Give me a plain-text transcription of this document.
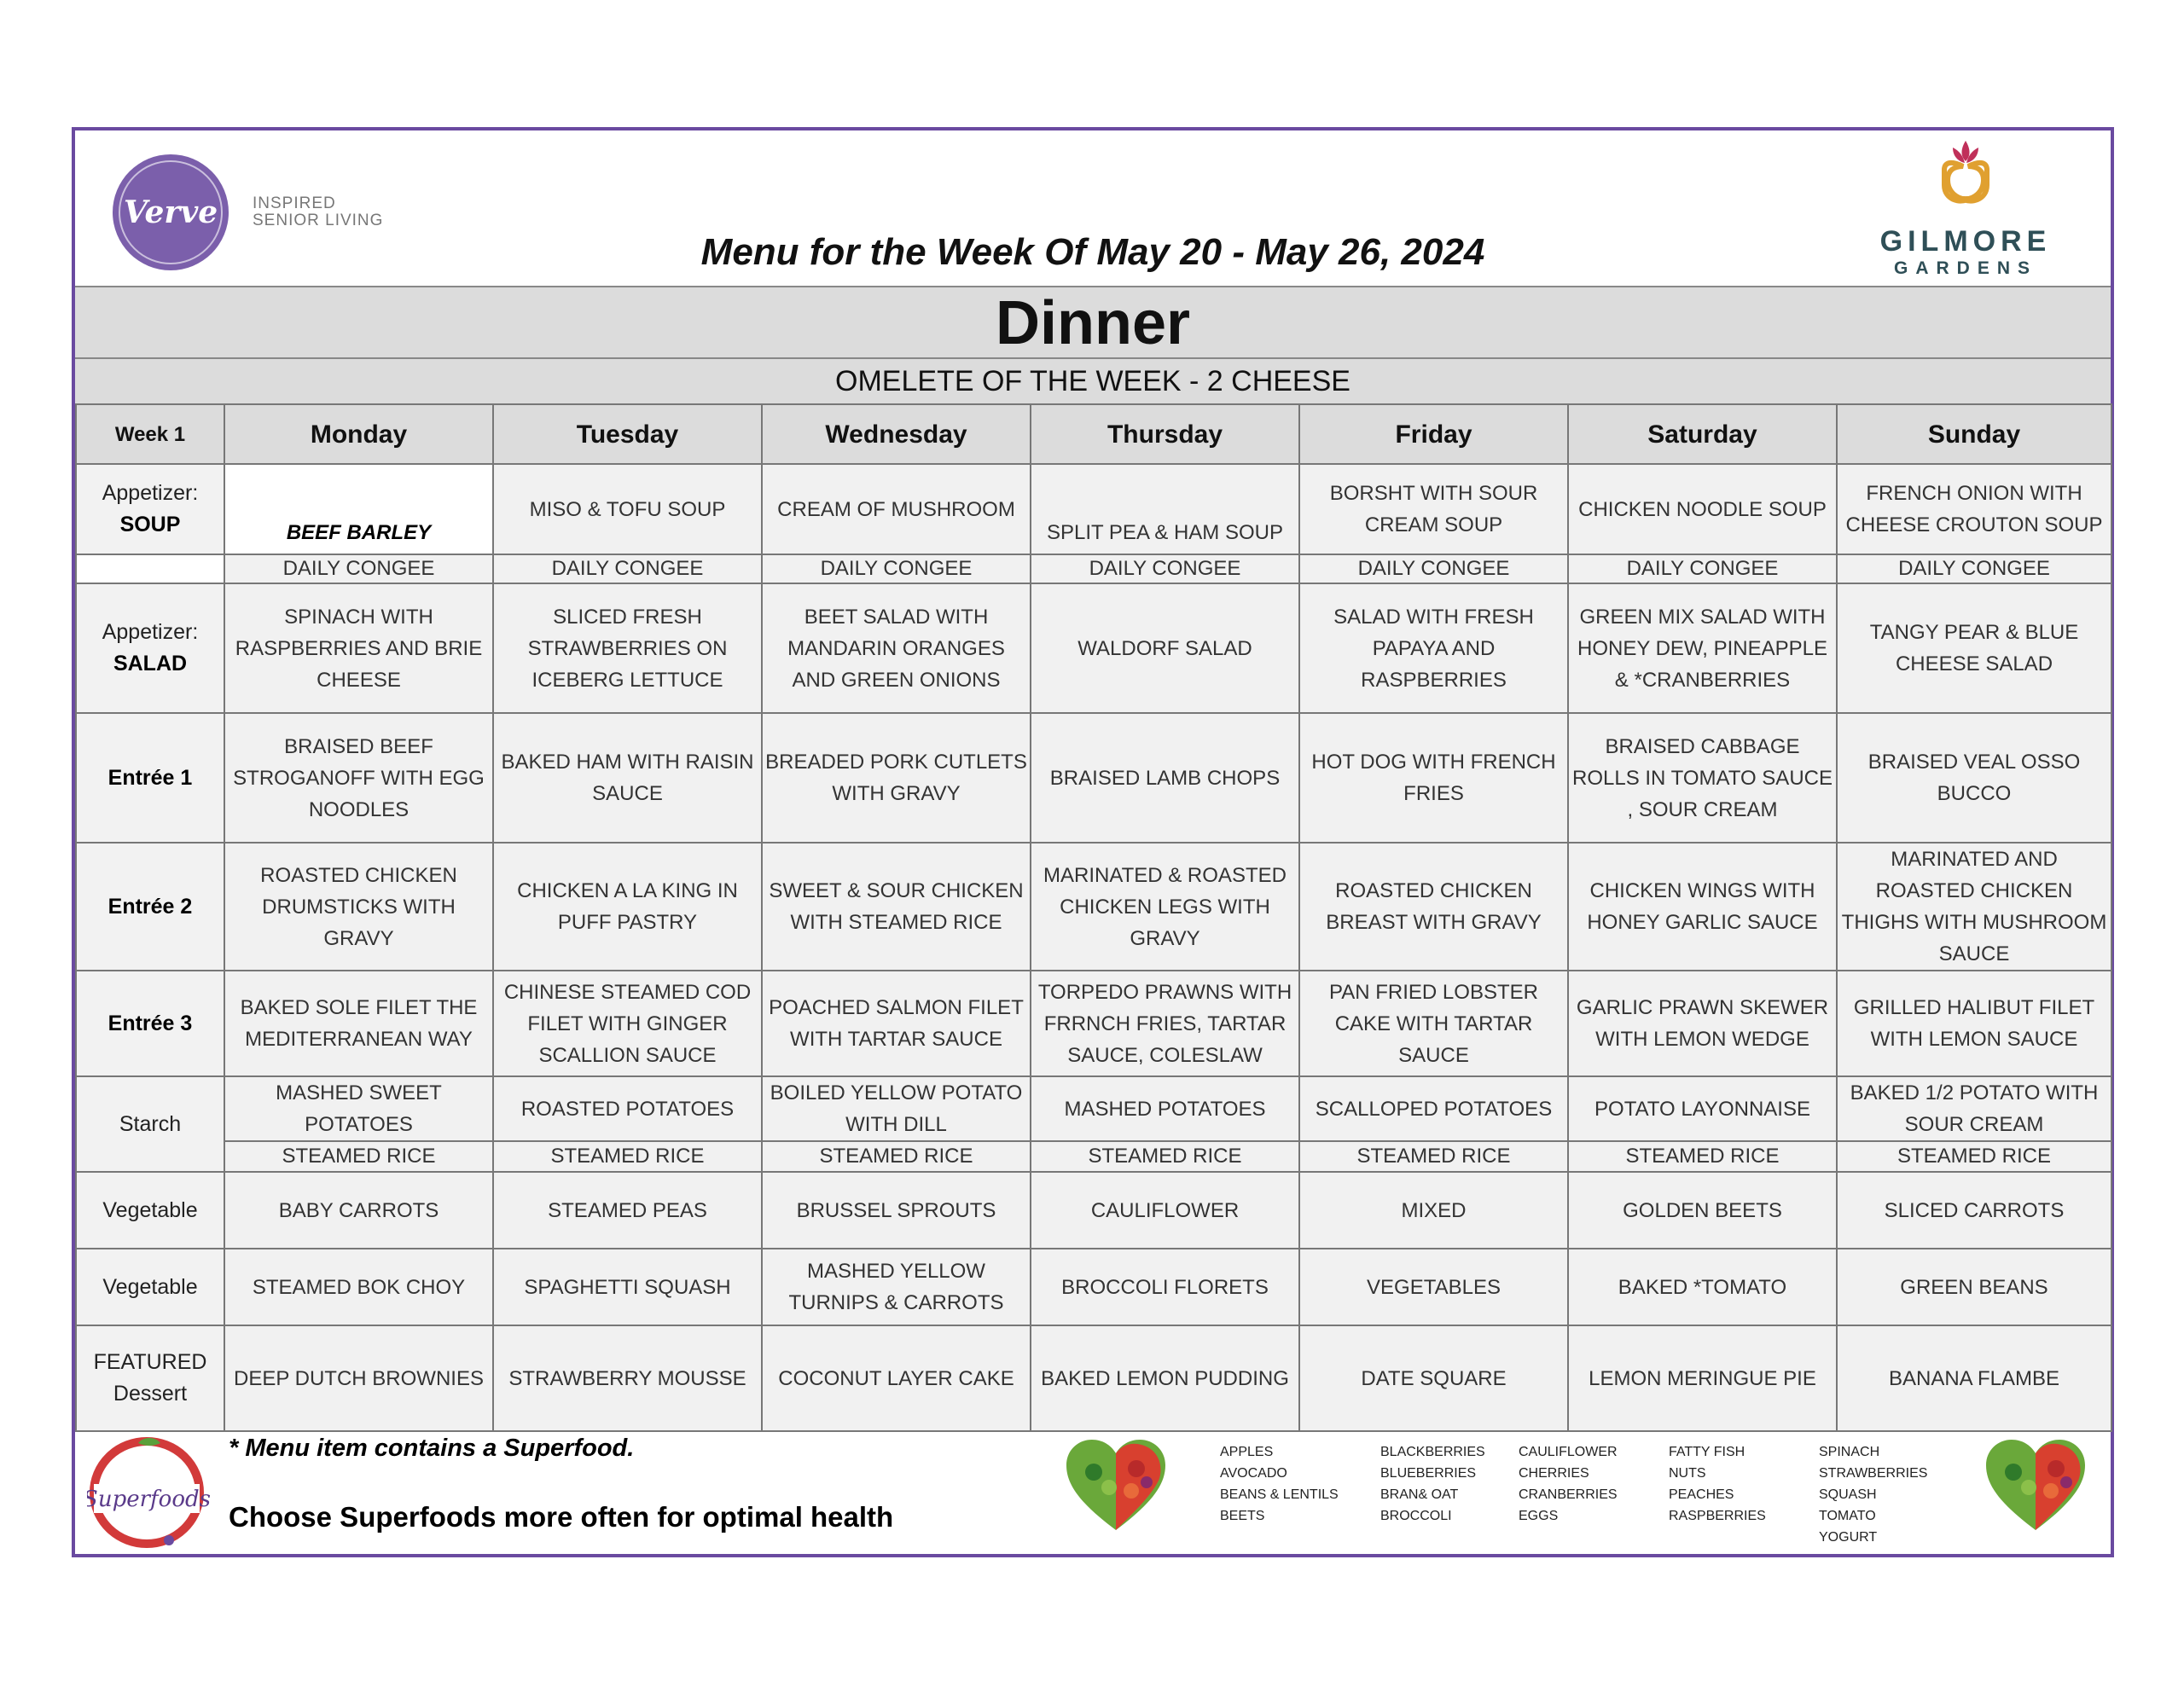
Verve INSPIRED
SENIOR LIVING
Menu for the Week Of May 20 - May 26, 2024	GILMORE
GARDENS
Dinner
OMELETE OF THE WEEK - 2 CHEESE
Week 1	Monday	Tuesday	Wednesday	Thursday	Friday	Saturday	Sunday

Appetizer:
SOUP	BEEF BARLEY	MISO & TOFU SOUP	CREAM OF MUSHROOM	SPLIT PEA & HAM SOUP	BORSHT WITH SOUR CREAM SOUP	CHICKEN NOODLE SOUP	FRENCH ONION WITH CHEESE CROUTON SOUP
	DAILY CONGEE	DAILY CONGEE	DAILY CONGEE	DAILY CONGEE	DAILY CONGEE	DAILY CONGEE	DAILY CONGEE

Appetizer:
SALAD	SPINACH WITH RASPBERRIES AND BRIE CHEESE	SLICED FRESH STRAWBERRIES ON ICEBERG LETTUCE	BEET SALAD WITH MANDARIN ORANGES AND GREEN ONIONS	WALDORF SALAD	SALAD WITH FRESH PAPAYA AND RASPBERRIES	GREEN MIX SALAD WITH HONEY DEW, PINEAPPLE & *CRANBERRIES	TANGY PEAR & BLUE CHEESE SALAD
Entrée 1	BRAISED BEEF STROGANOFF WITH EGG NOODLES	BAKED HAM WITH RAISIN SAUCE	BREADED PORK CUTLETS WITH GRAVY	BRAISED LAMB CHOPS	HOT DOG WITH FRENCH FRIES	BRAISED CABBAGE ROLLS IN TOMATO SAUCE , SOUR CREAM	BRAISED VEAL OSSO BUCCO
Entrée 2	ROASTED CHICKEN DRUMSTICKS WITH GRAVY	CHICKEN A LA KING IN PUFF PASTRY	SWEET & SOUR CHICKEN WITH STEAMED RICE	MARINATED & ROASTED CHICKEN LEGS WITH GRAVY	ROASTED CHICKEN BREAST WITH GRAVY	CHICKEN WINGS WITH HONEY GARLIC SAUCE	MARINATED AND ROASTED CHICKEN THIGHS WITH MUSHROOM SAUCE
Entrée 3	BAKED SOLE FILET THE MEDITERRANEAN WAY	CHINESE STEAMED COD FILET WITH GINGER SCALLION SAUCE	POACHED SALMON FILET WITH TARTAR SAUCE	TORPEDO PRAWNS WITH FRRNCH FRIES, TARTAR SAUCE, COLESLAW	PAN FRIED LOBSTER CAKE WITH TARTAR SAUCE	GARLIC PRAWN SKEWER WITH LEMON WEDGE	GRILLED HALIBUT FILET WITH LEMON SAUCE
Starch	MASHED SWEET POTATOES	ROASTED POTATOES	BOILED YELLOW POTATO WITH DILL	MASHED POTATOES	SCALLOPED POTATOES	POTATO LAYONNAISE	BAKED 1/2 POTATO WITH SOUR CREAM
	STEAMED RICE	STEAMED RICE	STEAMED RICE	STEAMED RICE	STEAMED RICE	STEAMED RICE	STEAMED RICE
Vegetable	BABY CARROTS	STEAMED PEAS	BRUSSEL SPROUTS	CAULIFLOWER	MIXED	GOLDEN BEETS	SLICED CARROTS
Vegetable	STEAMED BOK CHOY	SPAGHETTI SQUASH	MASHED YELLOW TURNIPS & CARROTS	BROCCOLI FLORETS	VEGETABLES	BAKED *TOMATO	GREEN BEANS

FEATURED
Dessert	DEEP DUTCH BROWNIES	STRAWBERRY MOUSSE	COCONUT LAYER CAKE	BAKED LEMON PUDDING	DATE SQUARE	LEMON MERINGUE PIE	BANANA FLAMBE
Superfoods
* Menu item contains a Superfood.
Choose Superfoods more often for optimal health
APPLES
AVOCADO
BEANS & LENTILS
BEETS
BLACKBERRIES
BLUEBERRIES
BRAN& OAT
BROCCOLI
CAULIFLOWER
CHERRIES
CRANBERRIES
EGGS
FATTY FISH
NUTS
PEACHES
RASPBERRIES
SPINACH
STRAWBERRIES
SQUASH
TOMATO
YOGURT
